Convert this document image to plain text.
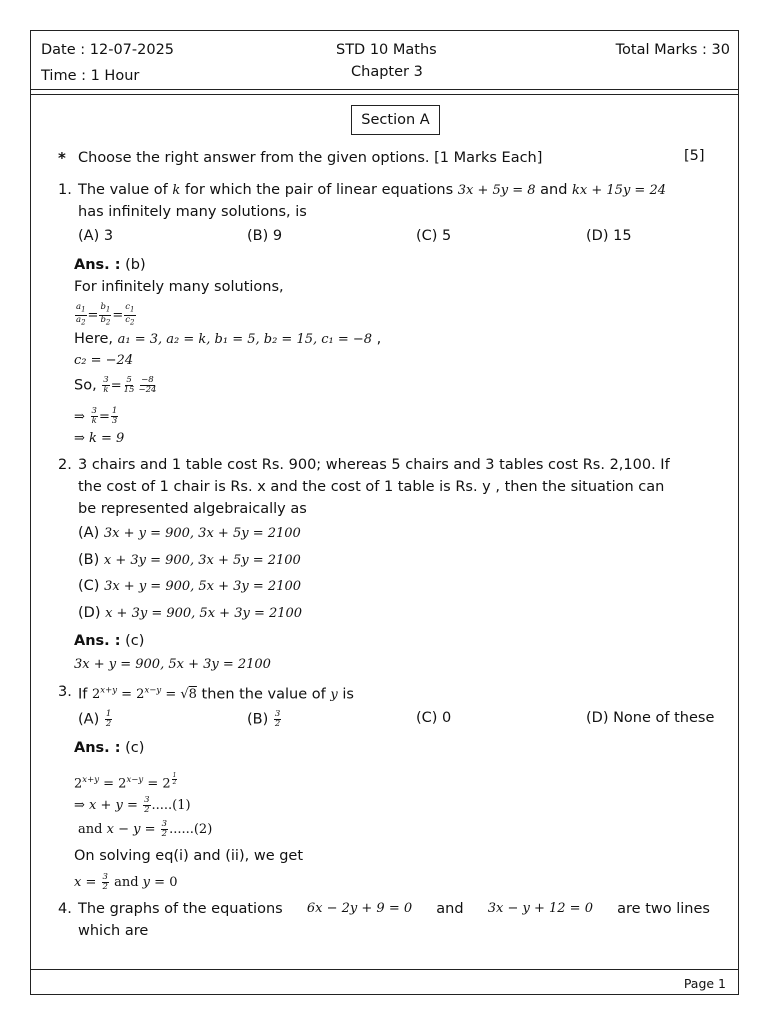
Date : 12-07-2025
Time : 1 Hour
STD 10 Maths
Chapter 3
Total Marks : 30
Section A
* Choose the right answer from the given options. [1 Marks Each]	[5]
1. The value of k for which the pair of linear equations 3x + 5y = 8 and kx + 15y = 24
has infinitely many solutions, is
(A) 3	(B) 9	(C) 5	(D) 15
Ans. : (b)
For infinitely many solutions,
$\frac{a_1}{a_2} = \frac{b_1}{b_2} = \frac{c_1}{c_2}$
Here, a₁ = 3, a₂ = k, b₁ = 5, b₂ = 15, c₁ = −8 ,
c₂ = −24
So, $\frac{3}{k} = \frac{5}{15} \frac{-8}{-24}$
⇒ $\frac{3}{k} = \frac{1}{3}$
⇒ k = 9
2. 3 chairs and 1 table cost Rs. 900; whereas 5 chairs and 3 tables cost Rs. 2,100. If
the cost of 1 chair is Rs. x and the cost of 1 table is Rs. y , then the situation can
be represented algebraically as
(A) 3x + y = 900, 3x + 5y = 2100
(B) x + 3y = 900, 3x + 5y = 2100
(C) 3x + y = 900, 5x + 3y = 2100
(D) x + 3y = 900, 5x + 3y = 2100
Ans. : (c)
3x + y = 900, 5x + 3y = 2100
3. If $2^{x+y} = 2^{x-y} = √8$ then the value of y is
$(A) \frac{1}{2}$	$(B) \frac{3}{2}$	(C) 0	(D) None of these
Ans. : (c)
$2^{x+y} = 2^{x-y} = 2$ $^{\frac{1}{2}}$
⇒ $x + y = \frac{3}{2} .....(1)$
and $x - y = \frac{3}{2} ......(2)$
On solving eq(i) and (ii), we get
$x = \frac{3}{2}$ and y = 0
4. The graphs of the equations 6x − 2y + 9 = 0 and 3x − y + 12 = 0 are two lines
which are
Page 1
